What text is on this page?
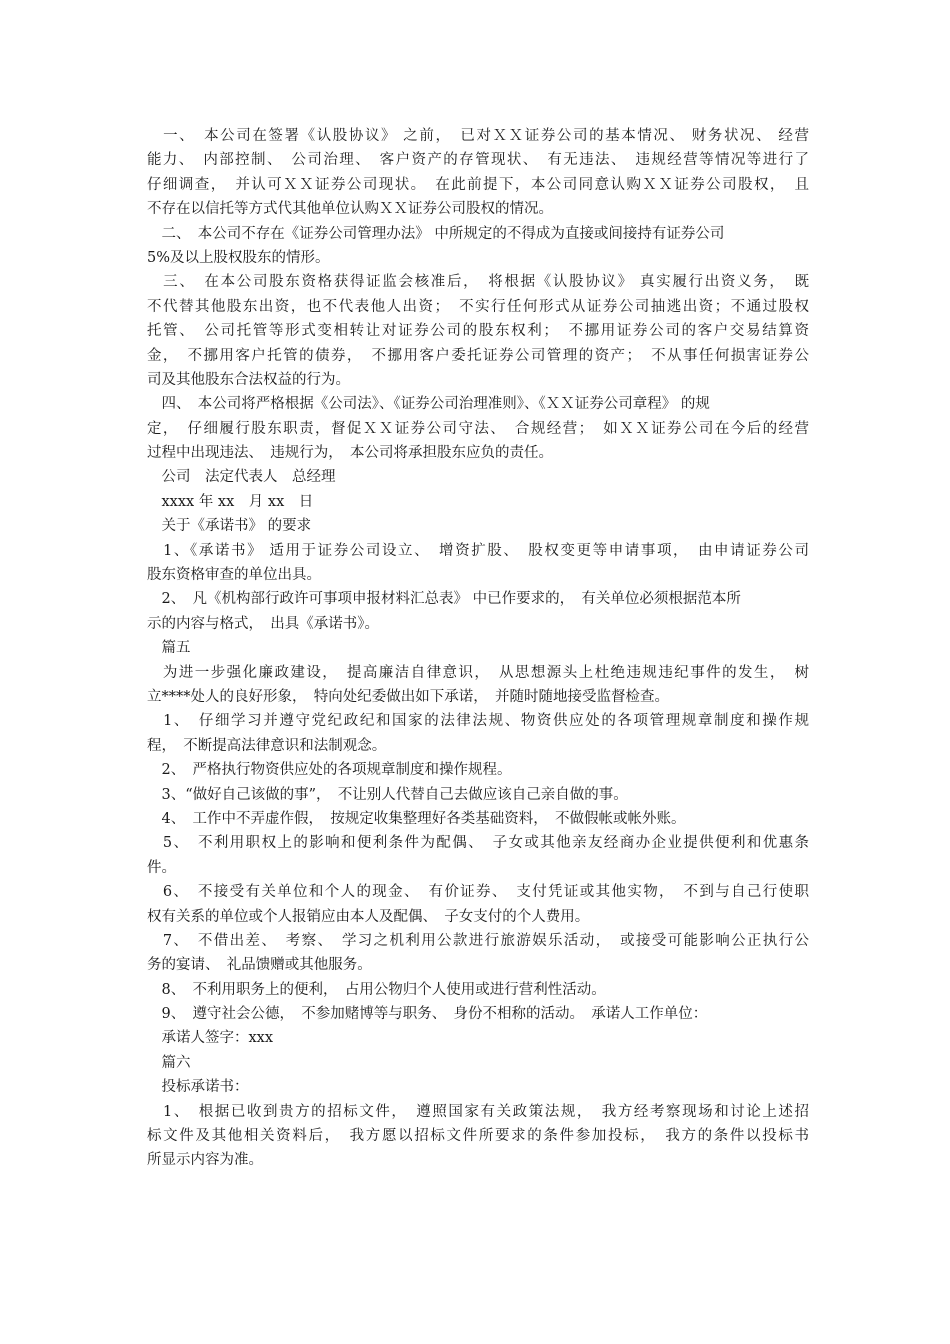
　一、　本公司在签署《认股协议》 之前，　已对ＸＸ证券公司的基本情况、 财务状况、 经营
能力、　内部控制、　公司治理、　客户资产的存管现状、　有无违法、　违规经营等情况等进行了
仔细调查，　并认可ＸＸ证券公司现状。　在此前提下，本公司同意认购ＸＸ证券公司股权，　且
不存在以信托等方式代其他单位认购ＸＸ证券公司股权的情况。
　二、　本公司不存在《证券公司管理办法》 中所规定的不得成为直接或间接持有证券公司
5%及以上股权股东的情形。
　三、　在本公司股东资格获得证监会核准后，　将根据《认股协议》 真实履行出资义务，　既
不代替其他股东出资，也不代表他人出资；　不实行任何形式从证券公司抽逃出资；不通过股权
托管、　公司托管等形式变相转让对证券公司的股东权利；　不挪用证券公司的客户交易结算资
金，　不挪用客户托管的债券，　不挪用客户委托证券公司管理的资产；　不从事任何损害证券公
司及其他股东合法权益的行为。
　四、　本公司将严格根据《公司法》、《证券公司治理准则》、《ＸＸ证券公司章程》 的规
定，　仔细履行股东职责，督促ＸＸ证券公司守法、　合规经营；　如ＸＸ证券公司在今后的经营
过程中出现违法、　违规行为，　本公司将承担股东应负的责任。
　公司　法定代表人　总经理
　xxxx 年 xx　月 xx　日
　关于《承诺书》 的要求
　1、《承诺书》 适用于证券公司设立、　增资扩股、　股权变更等申请事项，　由申请证券公司
股东资格审查的单位出具。
　2、　凡《机构部行政许可事项申报材料汇总表》 中已作要求的，　有关单位必须根据范本所
示的内容与格式，　出具《承诺书》。
　篇五
　为进一步强化廉政建设，　提高廉洁自律意识，　从思想源头上杜绝违规违纪事件的发生，　树
立****处人的良好形象，　特向处纪委做出如下承诺，　并随时随地接受监督检查。
　1、　仔细学习并遵守党纪政纪和国家的法律法规、物资供应处的各项管理规章制度和操作规
程，　不断提高法律意识和法制观念。
　2、　严格执行物资供应处的各项规章制度和操作规程。
　3、“做好自己该做的事”，　不让别人代替自己去做应该自己亲自做的事。
　4、　工作中不弄虚作假，　按规定收集整理好各类基础资料，　不做假帐或帐外账。
　5、　不利用职权上的影响和便利条件为配偶、　子女或其他亲友经商办企业提供便利和优惠条
件。
　6、　不接受有关单位和个人的现金、　有价证券、　支付凭证或其他实物，　不到与自己行使职
权有关系的单位或个人报销应由本人及配偶、　子女支付的个人费用。
　7、　不借出差、　考察、　学习之机利用公款进行旅游娱乐活动，　或接受可能影响公正执行公
务的宴请、　礼品馈赠或其他服务。
　8、　不利用职务上的便利，　占用公物归个人使用或进行营利性活动。
　9、　遵守社会公德，　不参加赌博等与职务、　身份不相称的活动。　承诺人工作单位：
　承诺人签字：xxx
　篇六
　投标承诺书：
　1、　根据已收到贵方的招标文件，　遵照国家有关政策法规，　我方经考察现场和讨论上述招
标文件及其他相关资料后，　我方愿以招标文件所要求的条件参加投标，　我方的条件以投标书
所显示内容为准。
